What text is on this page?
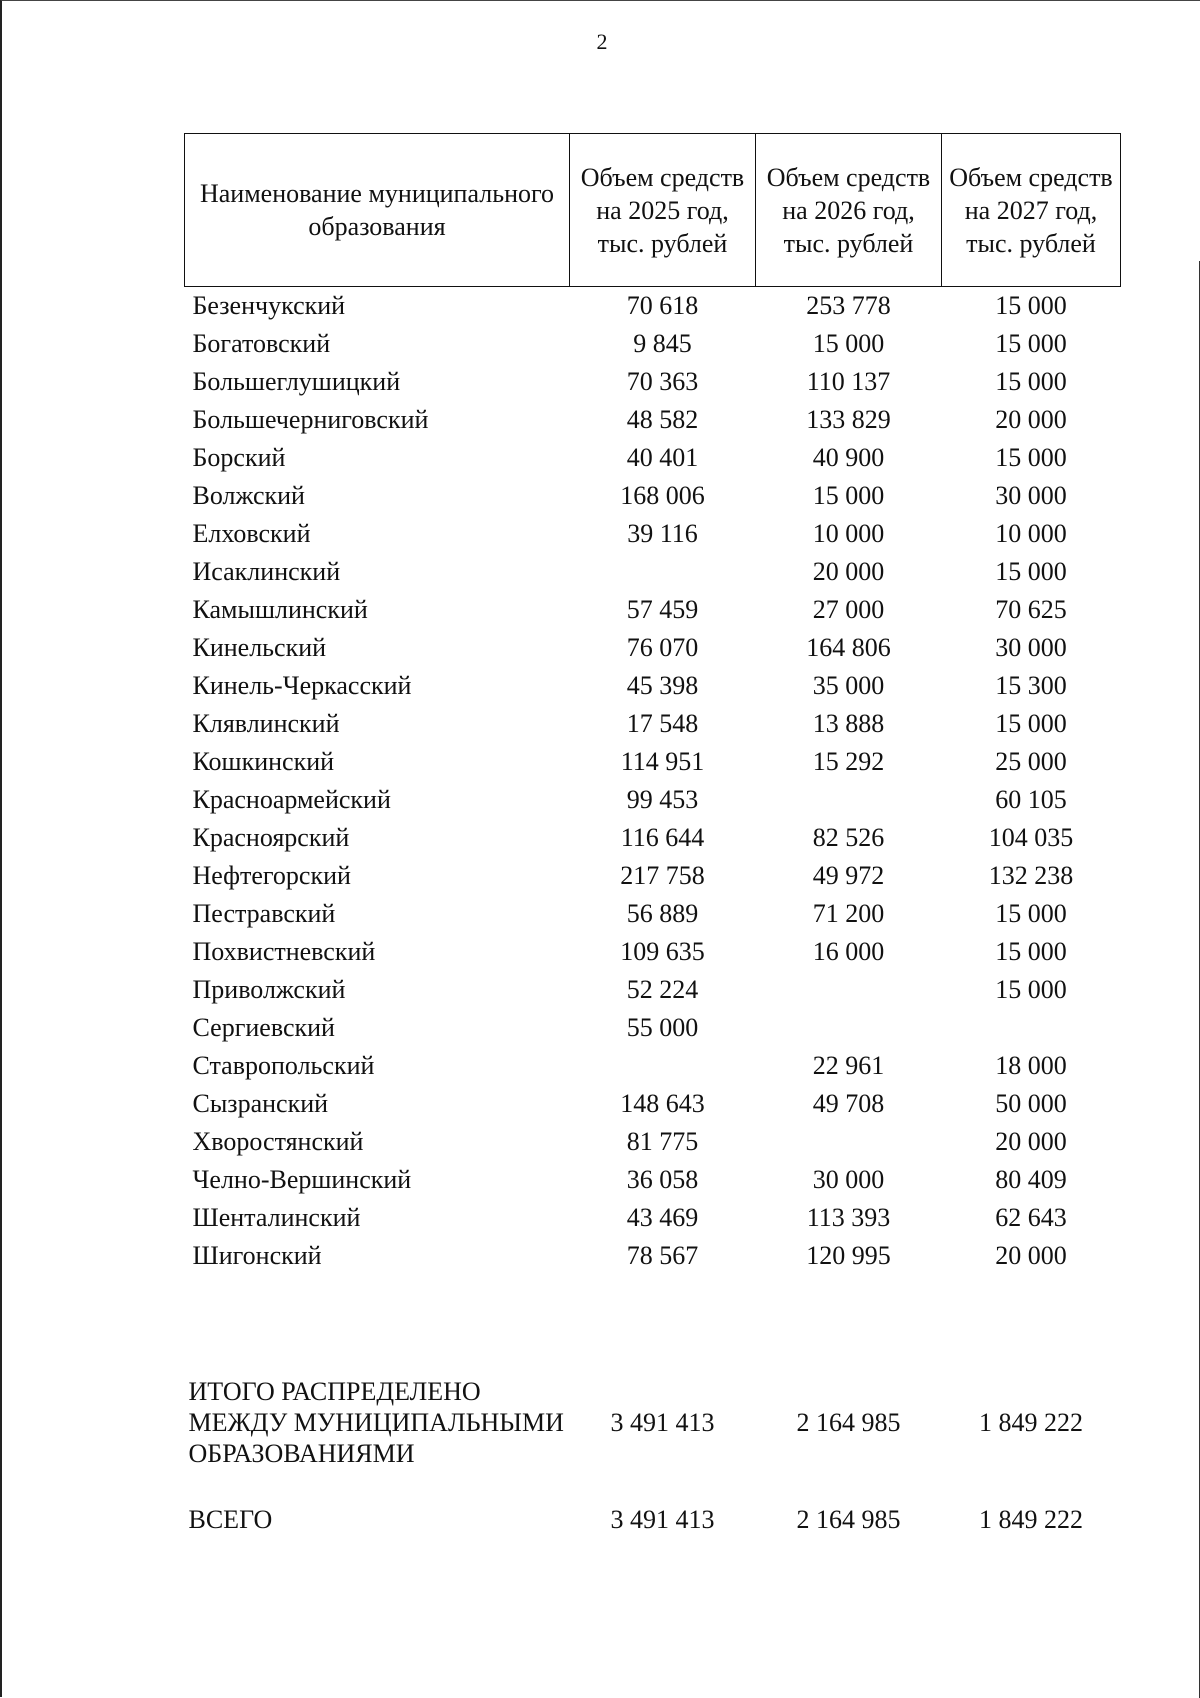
2
Наименование муниципального образования	Объем средств на 2025 год, тыс. рублей	Объем средств на 2026 год, тыс. рублей	Объем средств на 2027 год, тыс. рублей

Безенчукский	70 618	253 778	15 000
Богатовский	9 845	15 000	15 000
Большеглушицкий	70 363	110 137	15 000
Большечерниговский	48 582	133 829	20 000
Борский	40 401	40 900	15 000
Волжский	168 006	15 000	30 000
Елховский	39 116	10 000	10 000
Исаклинский		20 000	15 000
Камышлинский	57 459	27 000	70 625
Кинельский	76 070	164 806	30 000
Кинель-Черкасский	45 398	35 000	15 300
Клявлинский	17 548	13 888	15 000
Кошкинский	114 951	15 292	25 000
Красноармейский	99 453		60 105
Красноярский	116 644	82 526	104 035
Нефтегорский	217 758	49 972	132 238
Пестравский	56 889	71 200	15 000
Похвистневский	109 635	16 000	15 000
Приволжский	52 224		15 000
Сергиевский	55 000		
Ставропольский		22 961	18 000
Сызранский	148 643	49 708	50 000
Хворостянский	81 775		20 000
Челно-Вершинский	36 058	30 000	80 409
Шенталинский	43 469	113 393	62 643
Шигонский	78 567	120 995	20 000

ИТОГО РАСПРЕДЕЛЕНО МЕЖДУ МУНИЦИПАЛЬНЫМИ ОБРАЗОВАНИЯМИ	3 491 413	2 164 985	1 849 222
ВСЕГО	3 491 413	2 164 985	1 849 222
